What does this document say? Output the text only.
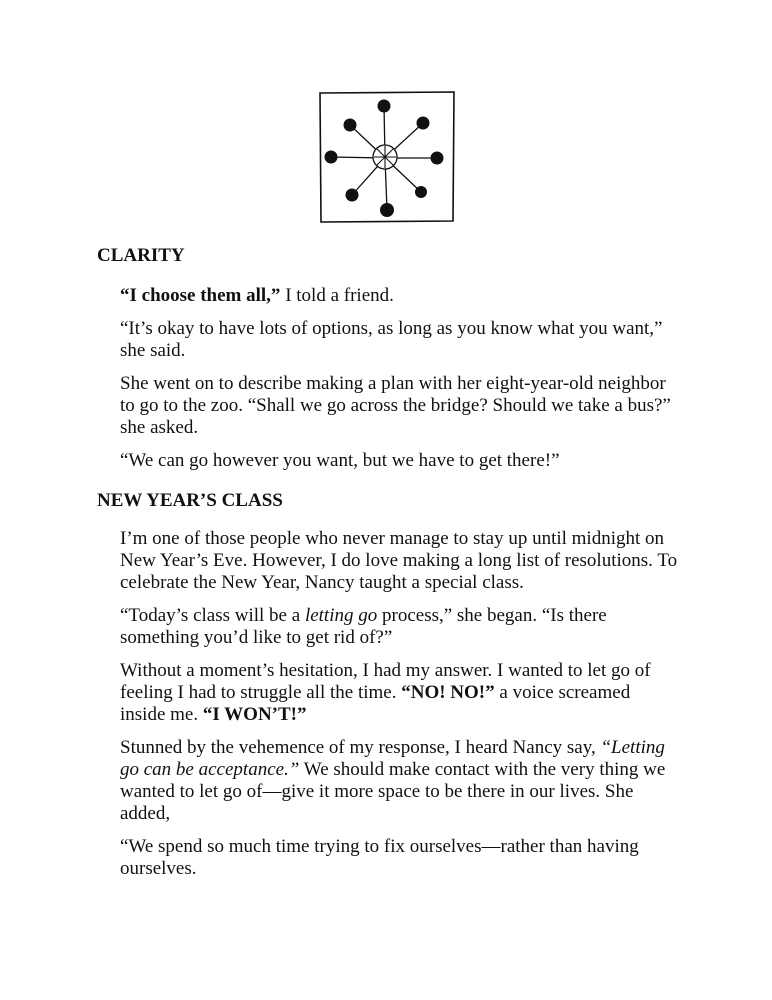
CLARITY

“I choose them all,” I told a friend.

“It’s okay to have lots of options, as long as you know what you want,” she said.

She went on to describe making a plan with her eight-year-old neighbor to go to the zoo. “Shall we go across the bridge? Should we take a bus?” she asked.

“We can go however you want, but we have to get there!”

NEW YEAR’S CLASS

I’m one of those people who never manage to stay up until midnight on New Year’s Eve. However, I do love making a long list of resolutions. To celebrate the New Year, Nancy taught a special class.

“Today’s class will be a letting go process,” she began. “Is there something you’d like to get rid of?”

Without a moment’s hesitation, I had my answer. I wanted to let go of feeling I had to struggle all the time. “NO! NO!” a voice screamed inside me. “I WON’T!”

Stunned by the vehemence of my response, I heard Nancy say, “Letting go can be acceptance.” We should make contact with the very thing we wanted to let go of—give it more space to be there in our lives. She added,

“We spend so much time trying to fix ourselves—rather than having ourselves.
